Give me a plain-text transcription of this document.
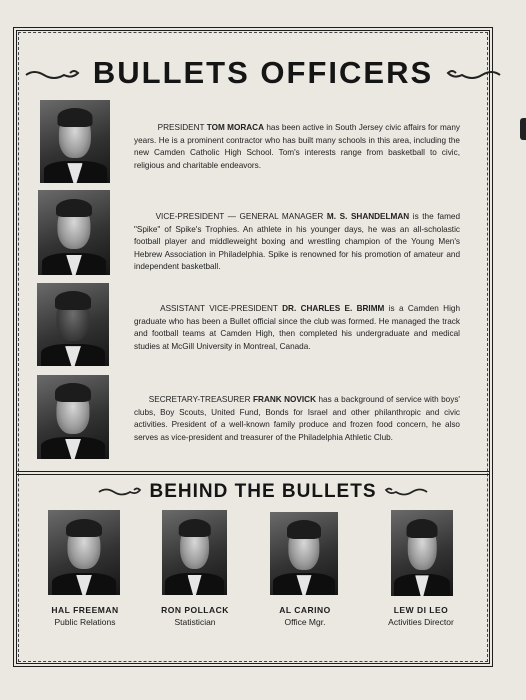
BULLETS OFFICERS
PRESIDENT TOM MORACA has been active in South Jersey civic affairs for many years. He is a prominent contractor who has built many schools in this area, including the new Camden Catholic High School. Tom's interests range from basketball to civic, religious and charitable endeavors.
VICE-PRESIDENT — GENERAL MANAGER M. S. SHANDELMAN is the famed "Spike" of Spike's Trophies. An athlete in his younger days, he was an all-scholastic football player and middleweight boxing and wrestling champion of the Young Men's Hebrew Association in Philadelphia. Spike is renowned for his promotion of amateur and independent basketball.
ASSISTANT VICE-PRESIDENT DR. CHARLES E. BRIMM is a Camden High graduate who has been a Bullet official since the club was formed. He managed the track and football teams at Camden High, then completed his undergraduate and medical studies at McGill University in Montreal, Canada.
SECRETARY-TREASURER FRANK NOVICK has a background of service with boys' clubs, Boy Scouts, United Fund, Bonds for Israel and other philanthropic and civic activities. President of a well-known family produce and frozen food concern, he also serves as vice-president and treasurer of the Philadelphia Athletic Club.
BEHIND THE BULLETS
HAL FREEMAN
Public Relations
RON POLLACK
Statistician
AL CARINO
Office Mgr.
LEW DI LEO
Activities Director
